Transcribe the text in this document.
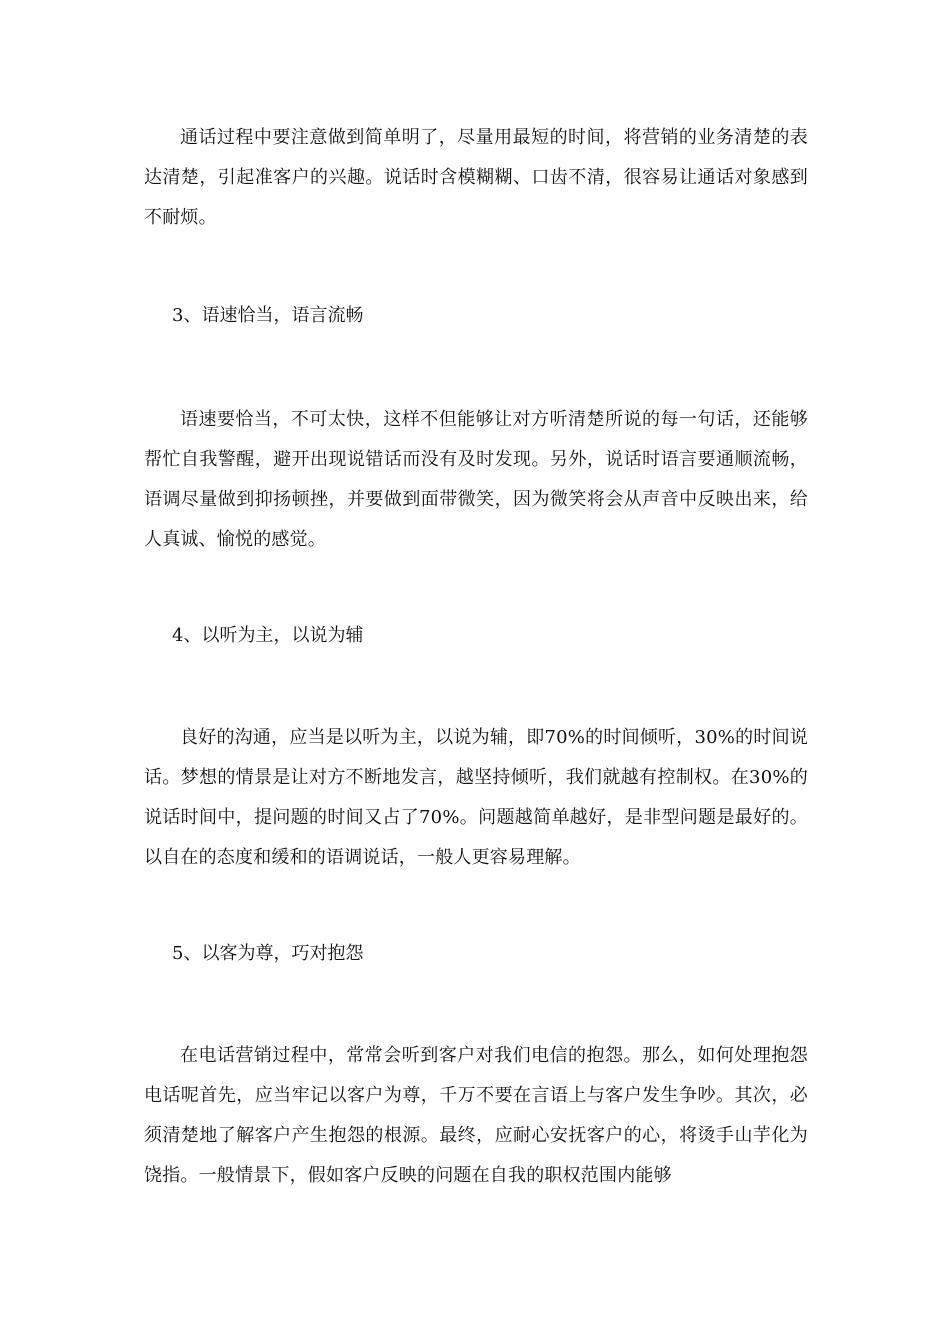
通话过程中要注意做到简单明了，尽量用最短的时间，将营销的业务清楚的表达清楚，引起准客户的兴趣。说话时含模糊糊、口齿不清，很容易让通话对象感到不耐烦。

3、语速恰当，语言流畅

语速要恰当，不可太快，这样不但能够让对方听清楚所说的每一句话，还能够帮忙自我警醒，避开出现说错话而没有及时发现。另外，说话时语言要通顺流畅，语调尽量做到抑扬顿挫，并要做到面带微笑，因为微笑将会从声音中反映出来，给人真诚、愉悦的感觉。

4、以听为主，以说为辅

良好的沟通，应当是以听为主，以说为辅，即70%的时间倾听，30%的时间说话。梦想的情景是让对方不断地发言，越坚持倾听，我们就越有控制权。在30%的说话时间中，提问题的时间又占了70%。问题越简单越好，是非型问题是最好的。以自在的态度和缓和的语调说话，一般人更容易理解。

5、以客为尊，巧对抱怨

在电话营销过程中，常常会听到客户对我们电信的抱怨。那么，如何处理抱怨电话呢首先，应当牢记以客户为尊，千万不要在言语上与客户发生争吵。其次，必须清楚地了解客户产生抱怨的根源。最终，应耐心安抚客户的心，将烫手山芋化为饶指。一般情景下，假如客户反映的问题在自我的职权范围内能够
